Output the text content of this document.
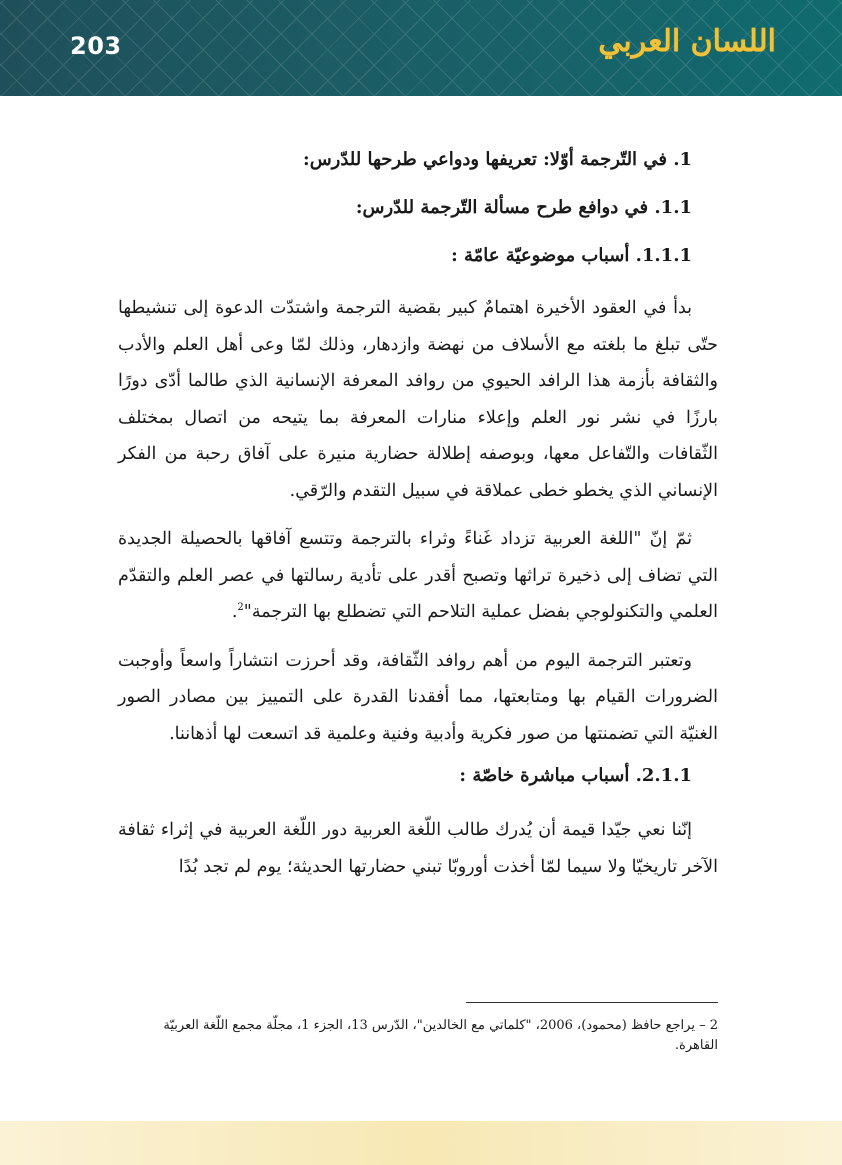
203	اللسان العربي
1. في التّرجمة أوّلا: تعريفها ودواعي طرحها للدّرس:
1.1. في دوافع طرح مسألة التّرجمة للدّرس:
1.1.1. أسباب موضوعيّة عامّة :

بدأ في العقود الأخيرة اهتمامٌ كبير بقضية الترجمة واشتدّت الدعوة إلى تنشيطها حتّى تبلغ ما بلغته مع الأسلاف من نهضة وازدهار، وذلك لمّا وعى أهل العلم والأدب والثقافة بأزمة هذا الرافد الحيوي من روافد المعرفة الإنسانية الذي طالما أدّى دورًا بارزًا في نشر نور العلم وإعلاء منارات المعرفة بما يتيحه من اتصال بمختلف الثّقافات والتّفاعل معها، وبوصفه إطلالة حضارية منيرة على آفاق رحبة من الفكر الإنساني الذي يخطو خطى عملاقة في سبيل التقدم والرّقي.

ثمّ إنّ "اللغة العربية تزداد غَناءً وثراء بالترجمة وتتسع آفاقها بالحصيلة الجديدة التي تضاف إلى ذخيرة تراثها وتصبح أقدر على تأدية رسالتها في عصر العلم والتقدّم العلمي والتكنولوجي بفضل عملية التلاحم التي تضطلع بها الترجمة"$^2$.

وتعتبر الترجمة اليوم من أهم روافد الثّقافة، وقد أحرزت انتشاراً واسعاً وأوجبت الضرورات القيام بها ومتابعتها، مما أفقدنا القدرة على التمييز بين مصادر الصور الغنيّة التي تضمنتها من صور فكرية وأدبية وفنية وعلمية قد اتسعت لها أذهاننا.

2.1.1. أسباب مباشرة خاصّة :

إنّنا نعي جيّدا قيمة أن يُدرك طالب اللّغة العربية دور اللّغة العربية في إثراء ثقافة الآخر تاريخيّا ولا سيما لمّا أخذت أوروبّا تبني حضارتها الحديثة؛ يوم لم تجد بُدًا

2 – يراجع حافظ (محمود)، 2006، "كلماتي مع الخالدين"، الدّرس 13، الجزء 1، مجلّة مجمع اللّغة العربيّة القاهرة.
